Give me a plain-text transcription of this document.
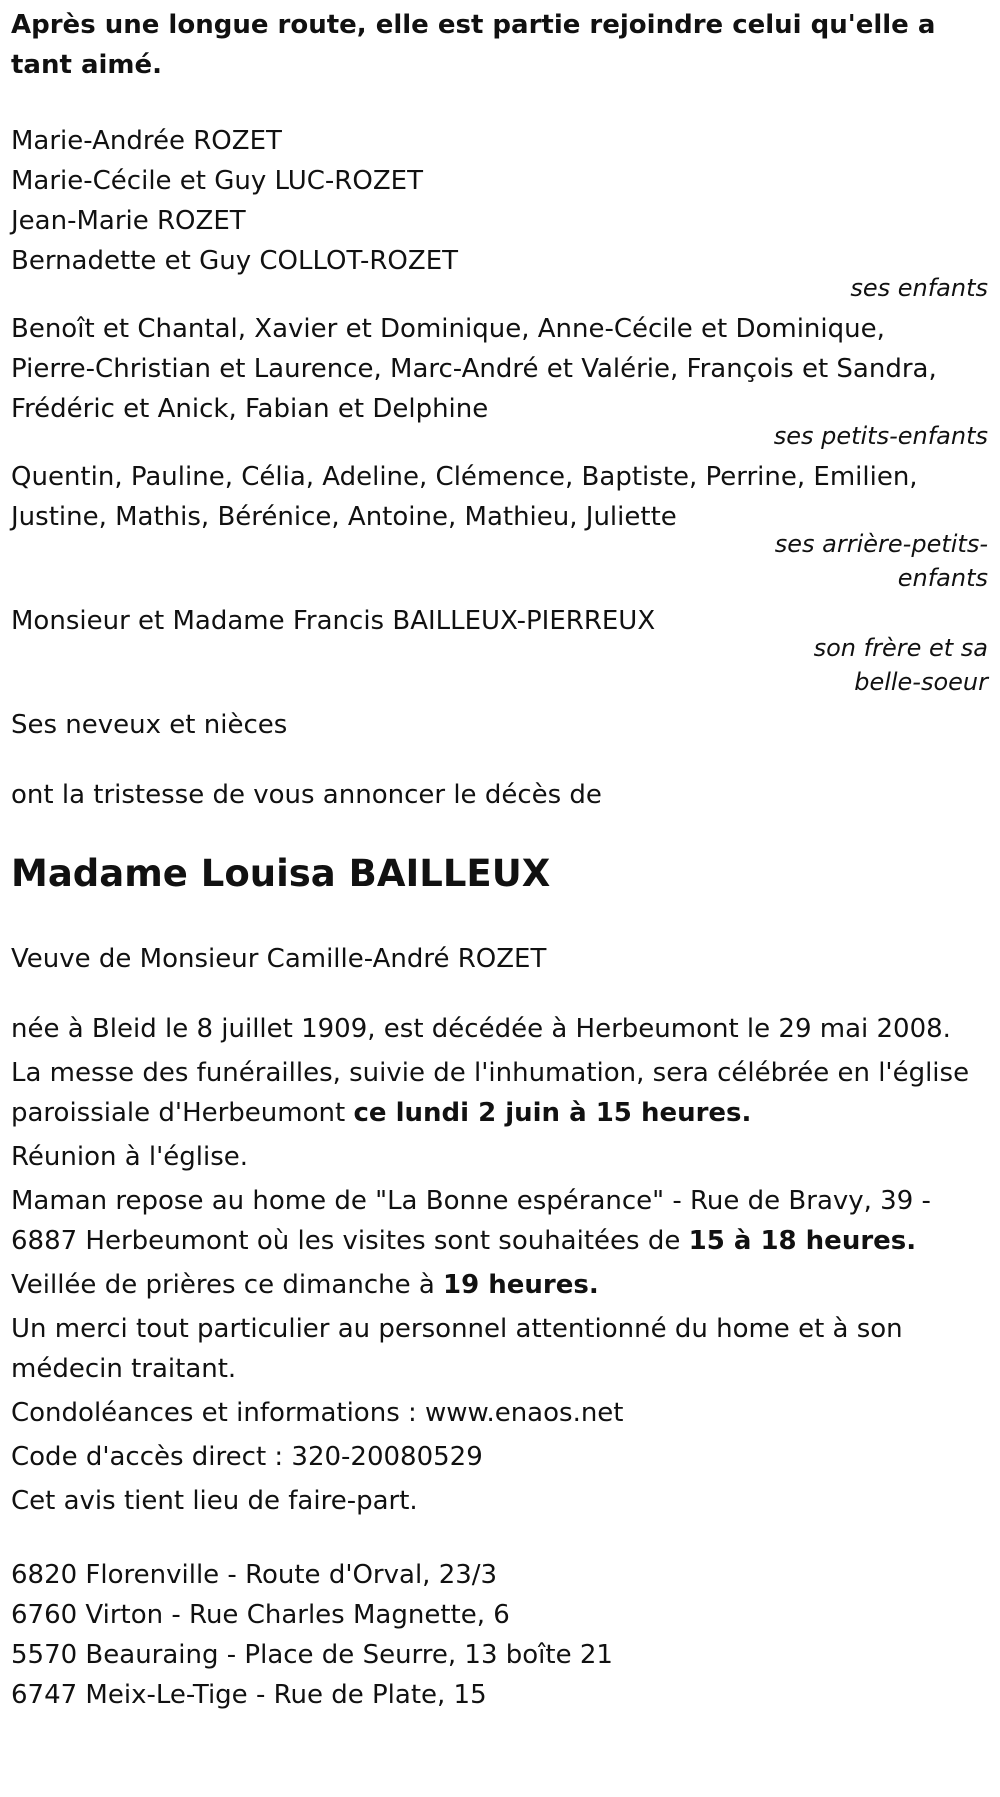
Après une longue route, elle est partie rejoindre celui qu'elle a tant aimé.
Marie-Andrée ROZET
Marie-Cécile et Guy LUC-ROZET
Jean-Marie ROZET
Bernadette et Guy COLLOT-ROZET
ses enfants
Benoît et Chantal, Xavier et Dominique, Anne-Cécile et Dominique,
Pierre-Christian et Laurence, Marc-André et Valérie, François et Sandra,
Frédéric et Anick, Fabian et Delphine
ses petits-enfants
Quentin, Pauline, Célia, Adeline, Clémence, Baptiste, Perrine, Emilien,
Justine, Mathis, Bérénice, Antoine, Mathieu, Juliette
ses arrière-petits-
enfants
Monsieur et Madame Francis BAILLEUX-PIERREUX
son frère et sa
belle-soeur
Ses neveux et nièces
ont la tristesse de vous annoncer le décès de
Madame Louisa BAILLEUX
Veuve de Monsieur Camille-André ROZET
née à Bleid le 8 juillet 1909, est décédée à Herbeumont le 29 mai 2008.
La messe des funérailles, suivie de l'inhumation, sera célébrée en l'église
paroissiale d'Herbeumont ce lundi 2 juin à 15 heures.
Réunion à l'église.
Maman repose au home de "La Bonne espérance" - Rue de Bravy, 39 -
6887 Herbeumont où les visites sont souhaitées de 15 à 18 heures.
Veillée de prières ce dimanche à 19 heures.
Un merci tout particulier au personnel attentionné du home et à son
médecin traitant.
Condoléances et informations : www.enaos.net
Code d'accès direct : 320-20080529
Cet avis tient lieu de faire-part.
6820 Florenville - Route d'Orval, 23/3
6760 Virton - Rue Charles Magnette, 6
5570 Beauraing - Place de Seurre, 13 boîte 21
6747 Meix-Le-Tige - Rue de Plate, 15
